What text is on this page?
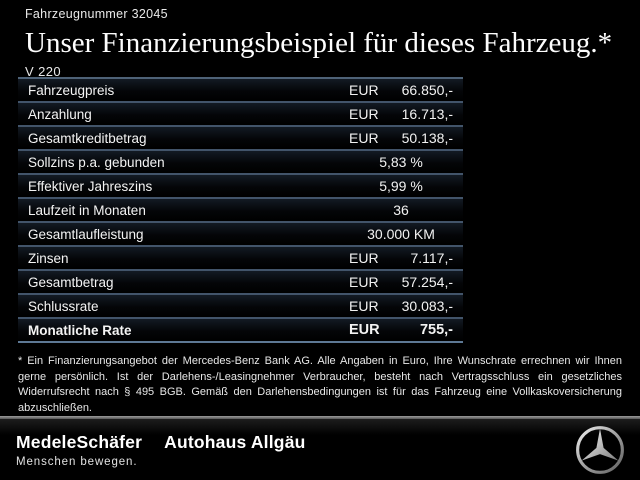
Fahrzeugnummer 32045
Unser Finanzierungsbeispiel für dieses Fahrzeug.*
V 220
Fahrzeugpreis	EUR 66.850,-
Anzahlung	EUR 16.713,-
Gesamtkreditbetrag	EUR 50.138,-
Sollzins p.a. gebunden	5,83 %
Effektiver Jahreszins	5,99 %
Laufzeit in Monaten	36
Gesamtlaufleistung	30.000 KM
Zinsen	EUR 7.117,-
Gesamtbetrag	EUR 57.254,-
Schlussrate	EUR 30.083,-
Monatliche Rate	EUR	755,-

* Ein Finanzierungsangebot der Mercedes-Benz Bank AG. Alle Angaben in Euro, Ihre Wunschrate errechnen wir Ihnen gerne persönlich. Ist der Darlehens-/Leasingnehmer Verbraucher, besteht nach Vertragsschluss ein gesetzliches Widerrufsrecht nach § 495 BGB. Gemäß den Darlehensbedingungen ist für das Fahrzeug eine Vollkaskoversicherung abzuschließen.

MedeleSchäfer Autohaus Allgäu
Menschen bewegen.
